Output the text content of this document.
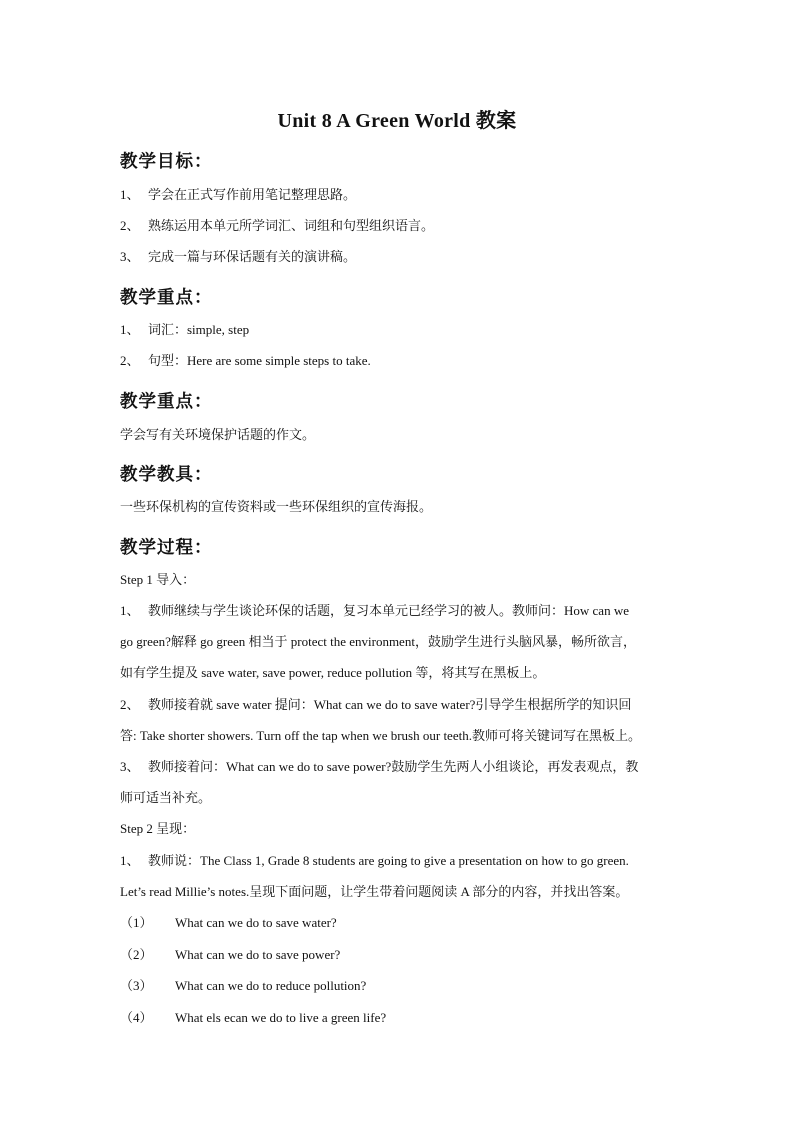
Unit 8 A Green World 教案
教学目标：
1、 学会在正式写作前用笔记整理思路。
2、 熟练运用本单元所学词汇、词组和句型组织语言。
3、 完成一篇与环保话题有关的演讲稿。
教学重点：
1、 词汇：simple, step
2、 句型：Here are some simple steps to take.
教学重点：
学会写有关环境保护话题的作文。
教学教具：
一些环保机构的宣传资料或一些环保组织的宣传海报。
教学过程：
Step 1 导入：
1、 教师继续与学生谈论环保的话题，复习本单元已经学习的被人。教师问：How can we
go green?解释 go green 相当于 protect the environment，鼓励学生进行头脑风暴，畅所欲言，
如有学生提及 save water, save power, reduce pollution 等，将其写在黑板上。
2、 教师接着就 save water 提问：What can we do to save water?引导学生根据所学的知识回
答: Take shorter showers. Turn off the tap when we brush our teeth.教师可将关键词写在黑板上。
3、 教师接着问：What can we do to save power?鼓励学生先两人小组谈论，再发表观点，教
师可适当补充。
Step 2 呈现：
1、 教师说：The Class 1, Grade 8 students are going to give a presentation on how to go green.
Let’s read Millie’s notes.呈现下面问题，让学生带着问题阅读 A 部分的内容，并找出答案。
（1） What can we do to save water?
（2） What can we do to save power?
（3） What can we do to reduce pollution?
（4） What els ecan we do to live a green life?
